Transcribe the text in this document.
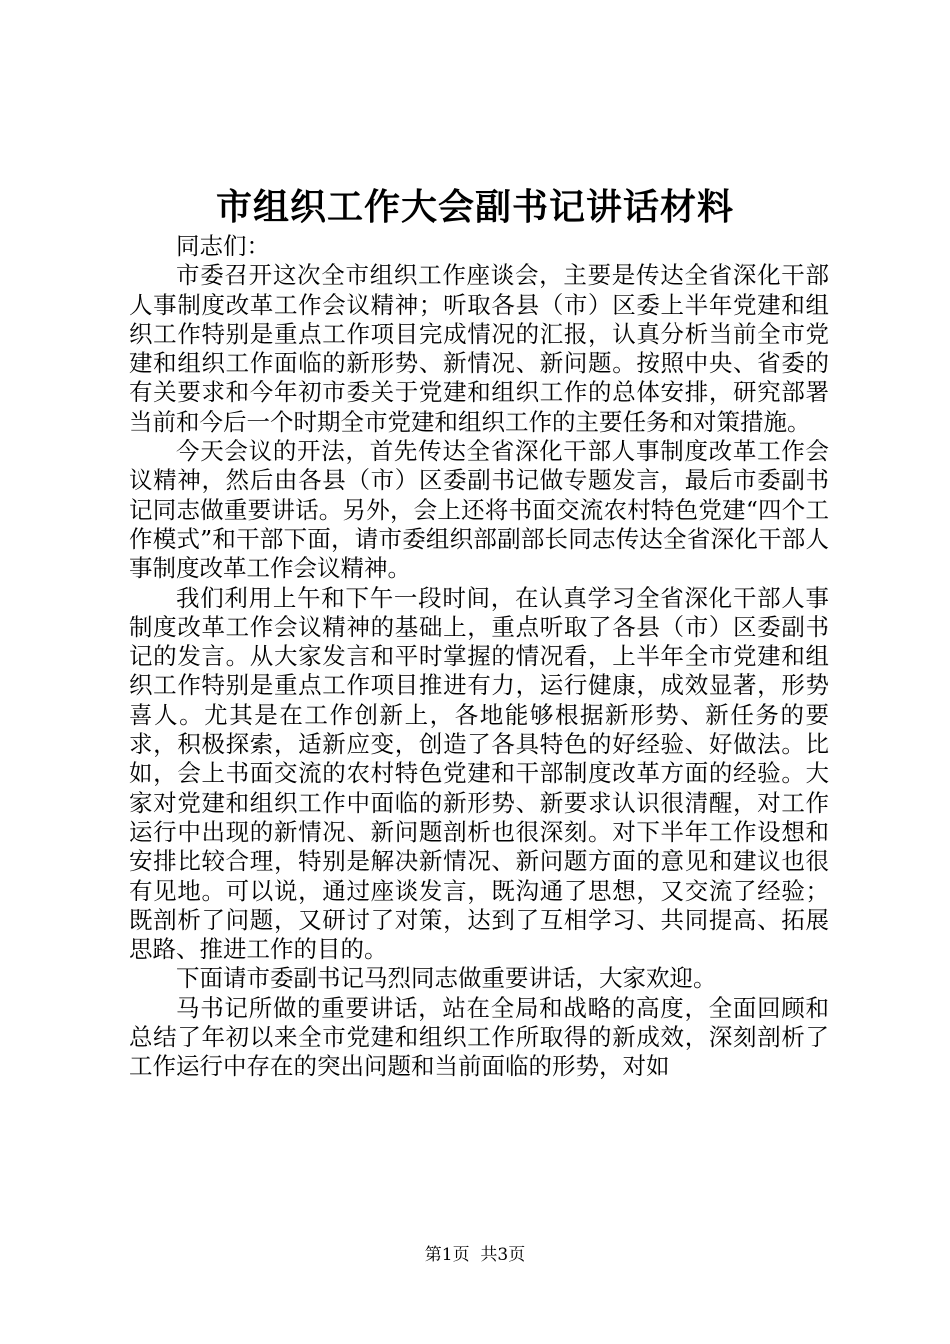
市组织工作大会副书记讲话材料

同志们：

市委召开这次全市组织工作座谈会，主要是传达全省深化干部人事制度改革工作会议精神；听取各县（市）区委上半年党建和组织工作特别是重点工作项目完成情况的汇报，认真分析当前全市党建和组织工作面临的新形势、新情况、新问题。按照中央、省委的有关要求和今年初市委关于党建和组织工作的总体安排，研究部署当前和今后一个时期全市党建和组织工作的主要任务和对策措施。

今天会议的开法，首先传达全省深化干部人事制度改革工作会议精神，然后由各县（市）区委副书记做专题发言，最后市委副书记同志做重要讲话。另外，会上还将书面交流农村特色党建“四个工作模式”和干部下面，请市委组织部副部长同志传达全省深化干部人事制度改革工作会议精神。

我们利用上午和下午一段时间，在认真学习全省深化干部人事制度改革工作会议精神的基础上，重点听取了各县（市）区委副书记的发言。从大家发言和平时掌握的情况看，上半年全市党建和组织工作特别是重点工作项目推进有力，运行健康，成效显著，形势喜人。尤其是在工作创新上，各地能够根据新形势、新任务的要求，积极探索，适新应变，创造了各具特色的好经验、好做法。比如，会上书面交流的农村特色党建和干部制度改革方面的经验。大家对党建和组织工作中面临的新形势、新要求认识很清醒，对工作运行中出现的新情况、新问题剖析也很深刻。对下半年工作设想和安排比较合理，特别是解决新情况、新问题方面的意见和建议也很有见地。可以说，通过座谈发言，既沟通了思想，又交流了经验；既剖析了问题，又研讨了对策，达到了互相学习、共同提高、拓展思路、推进工作的目的。

下面请市委副书记马烈同志做重要讲话，大家欢迎。

马书记所做的重要讲话，站在全局和战略的高度，全面回顾和总结了年初以来全市党建和组织工作所取得的新成效，深刻剖析了工作运行中存在的突出问题和当前面临的形势，对如

第1页 共3页
